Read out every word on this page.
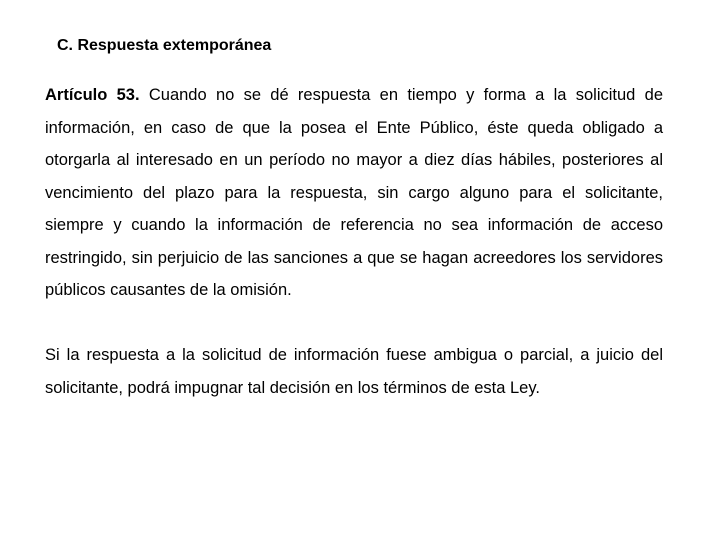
C. Respuesta extemporánea

Artículo 53. Cuando no se dé respuesta en tiempo y forma a la solicitud de información, en caso de que la posea el Ente Público, éste queda obligado a otorgarla al interesado en un período no mayor a diez días hábiles, posteriores al vencimiento del plazo para la respuesta, sin cargo alguno para el solicitante, siempre y cuando la información de referencia no sea información de acceso restringido, sin perjuicio de las sanciones a que se hagan acreedores los servidores públicos causantes de la omisión.

Si la respuesta a la solicitud de información fuese ambigua o parcial, a juicio del solicitante, podrá impugnar tal decisión en los términos de esta Ley.
